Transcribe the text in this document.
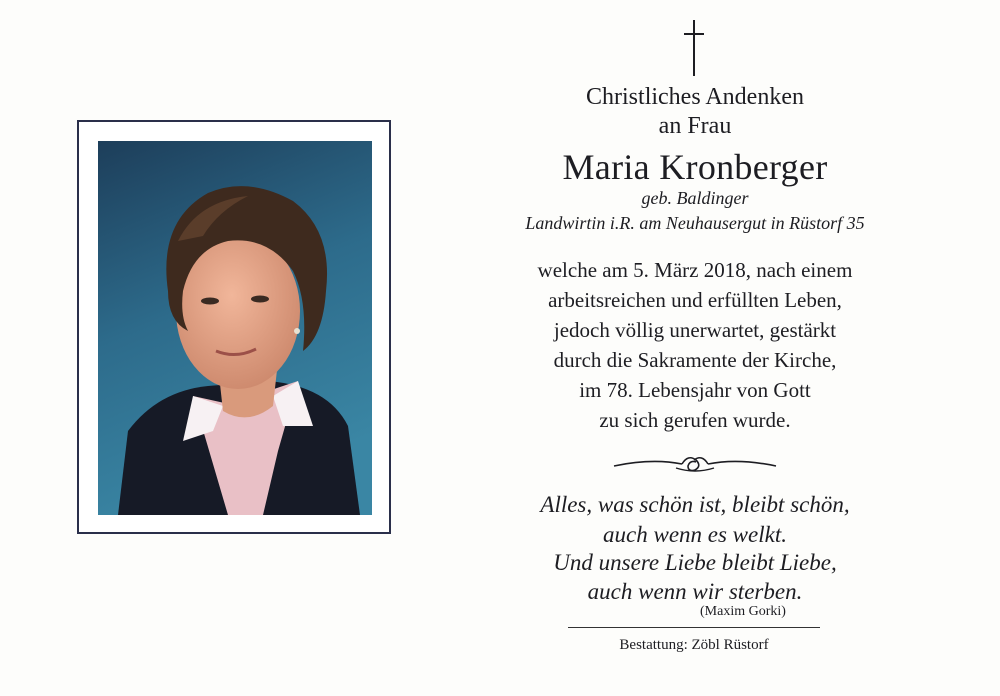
Christliches Andenken
an Frau
Maria Kronberger
geb. Baldinger
Landwirtin i.R. am Neuhausergut in Rüstorf 35
welche am 5. März 2018, nach einem
arbeitsreichen und erfüllten Leben,
jedoch völlig unerwartet, gestärkt
durch die Sakramente der Kirche,
im 78. Lebensjahr von Gott
zu sich gerufen wurde.
Alles, was schön ist, bleibt schön,
auch wenn es welkt.
Und unsere Liebe bleibt Liebe,
auch wenn wir sterben.
(Maxim Gorki)
Bestattung: Zöbl Rüstorf
